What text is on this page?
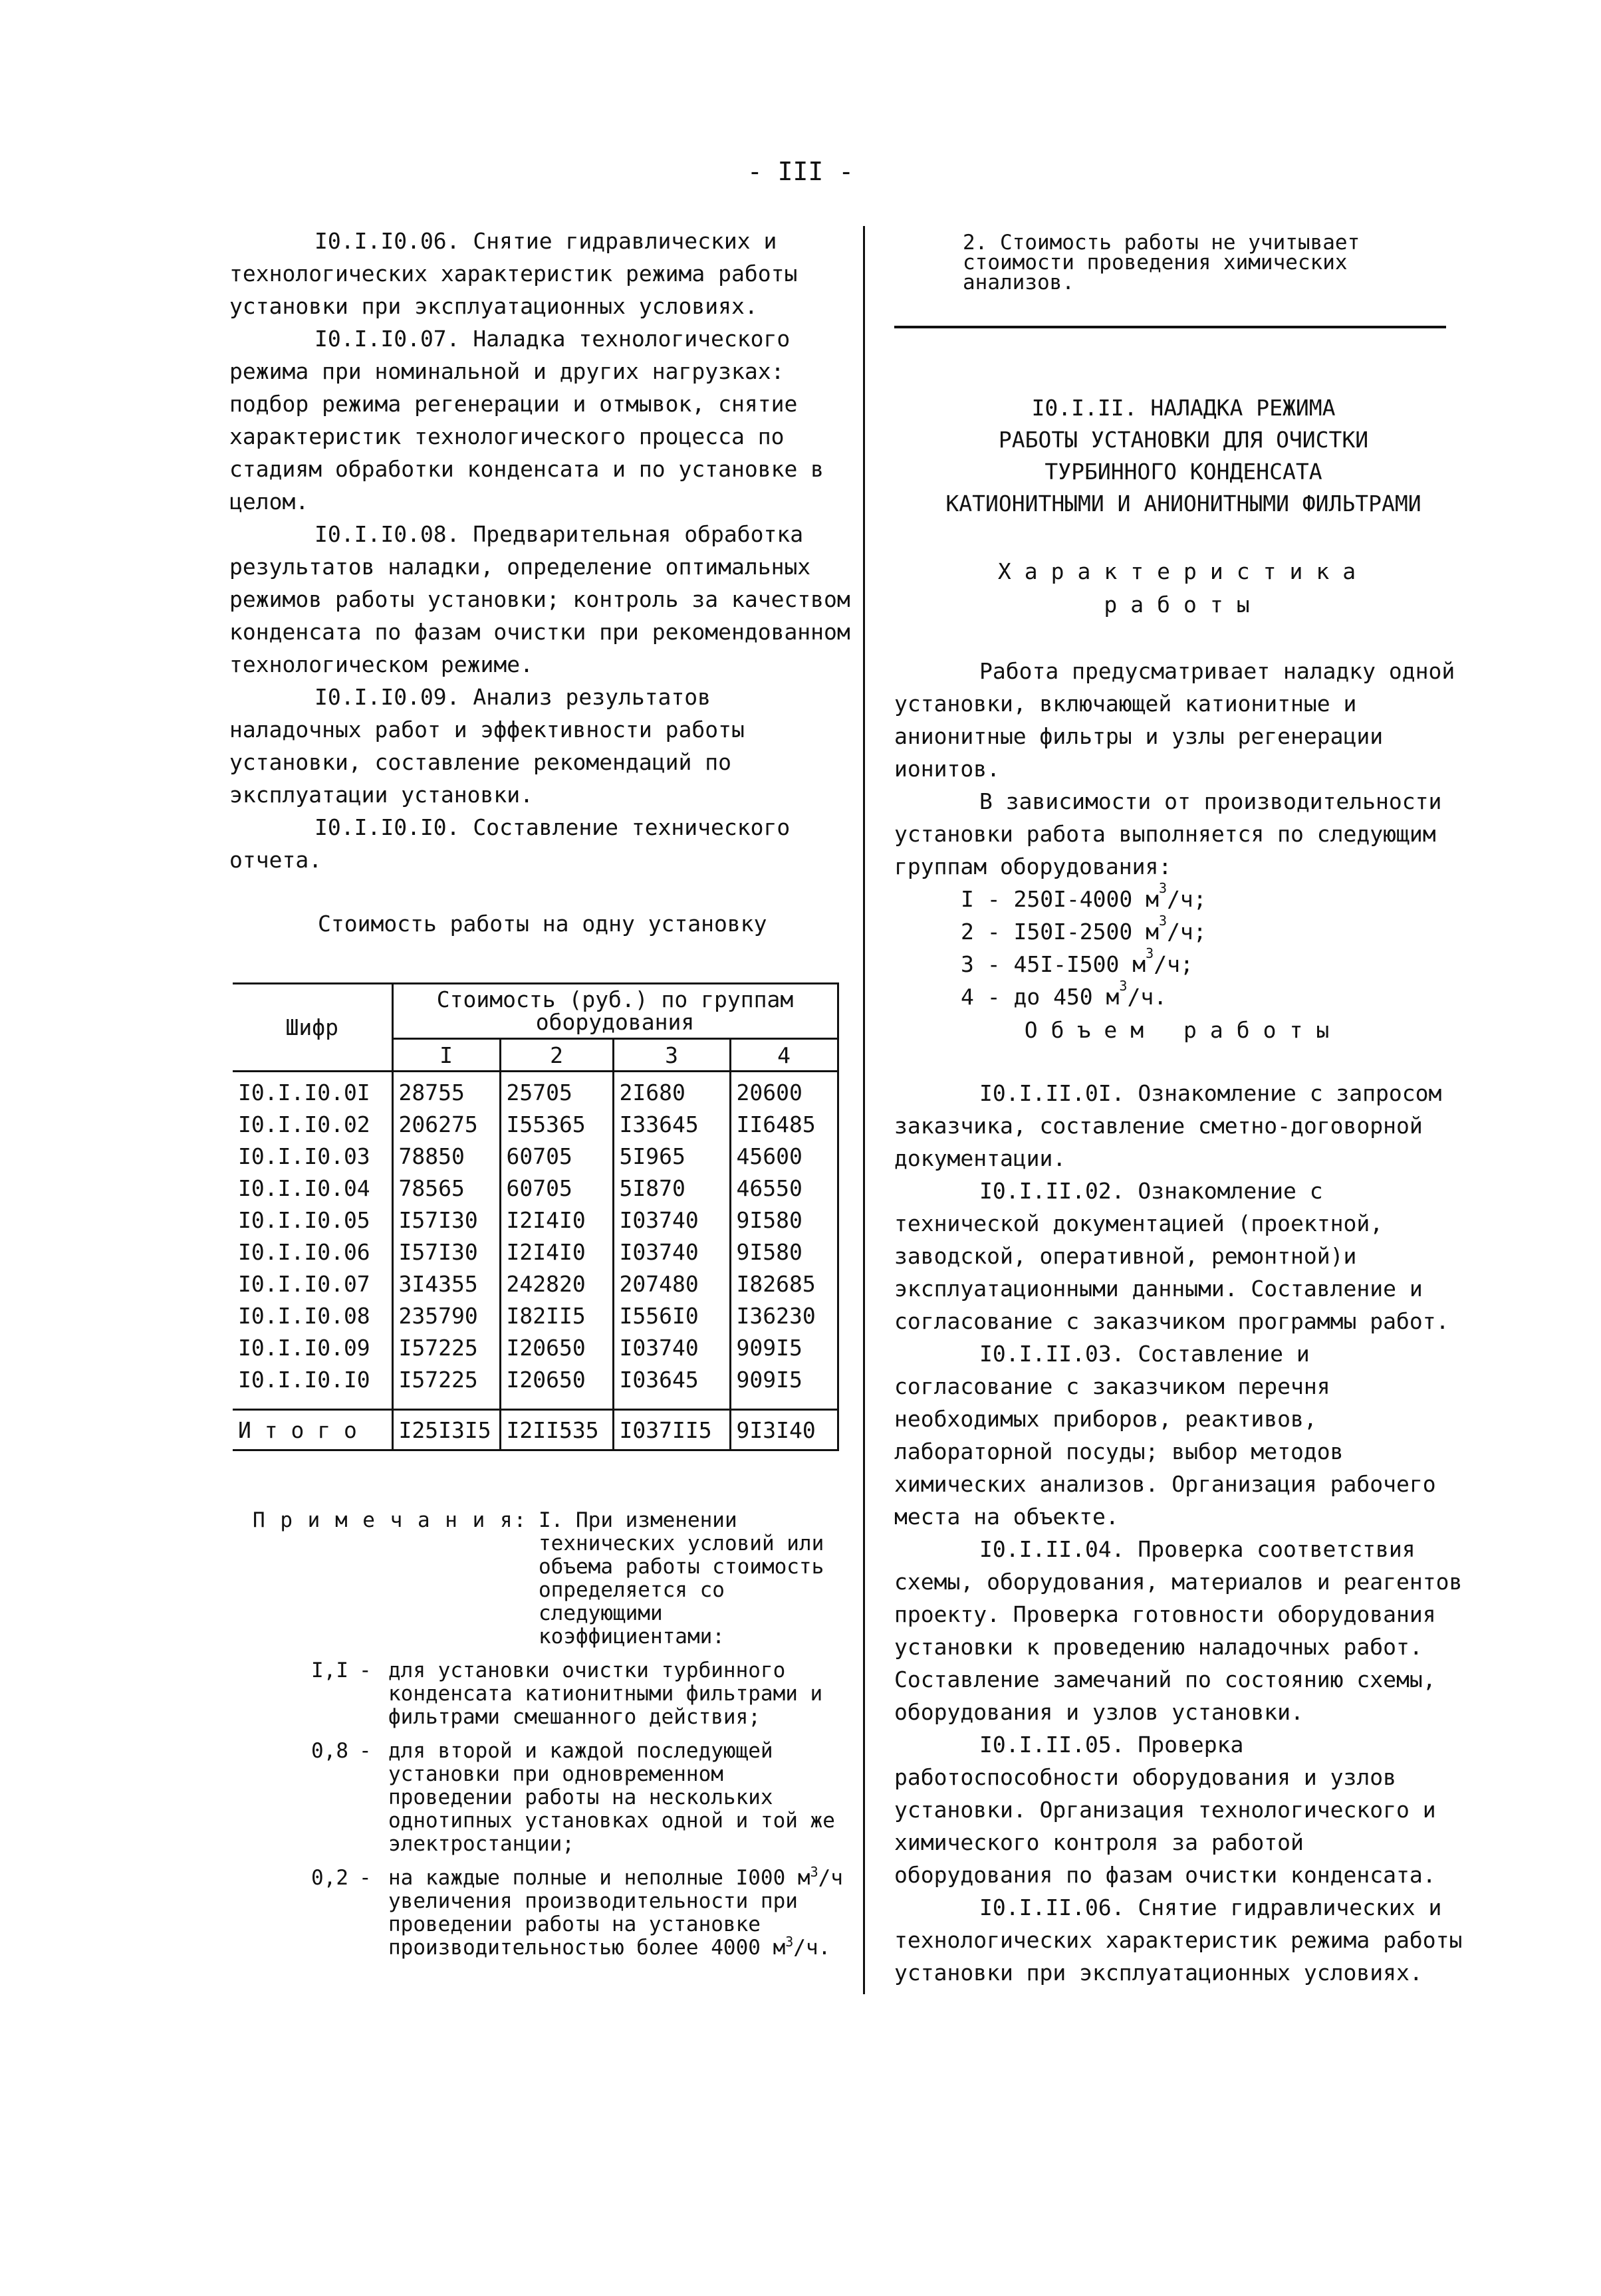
- III -

I0.I.I0.06. Снятие гидравлических и технологических характеристик режима работы установки при эксплуатационных условиях.

I0.I.I0.07. Наладка технологического режима при номинальной и других нагрузках: подбор режима регенерации и отмывок, снятие характеристик технологического процесса по стадиям обработки конденсата и по установке в целом.

I0.I.I0.08. Предварительная обработка результатов наладки, определение оптимальных режимов работы установки; контроль за качеством конденсата по фазам очистки при рекомендованном технологическом режиме.

I0.I.I0.09. Анализ результатов наладочных работ и эффективности работы установки, составление рекомендаций по эксплуатации установки.

I0.I.I0.I0. Составление технического отчета.

Стоимость работы на одну установку
Шифр	Стоимость (руб.) по группам оборудования			
	I	2	3	4
I0.I.I0.0I	28755	25705	2I680	20600
I0.I.I0.02	206275	I55365	I33645	II6485
I0.I.I0.03	78850	60705	5I965	45600
I0.I.I0.04	78565	60705	5I870	46550
I0.I.I0.05	I57I30	I2I4I0	I03740	9I580
I0.I.I0.06	I57I30	I2I4I0	I03740	9I580
I0.I.I0.07	3I4355	242820	207480	I82685
I0.I.I0.08	235790	I82II5	I556I0	I36230
I0.I.I0.09	I57225	I20650	I03740	909I5
I0.I.I0.I0	I57225	I20650	I03645	909I5

И т о г о	I25I3I5	I2II535	I037II5	9I3I40
П р и м е ч а н и я: I. При изменении технических условий или объема работы стоимость определяется со следующими коэффициентами:
I,I - для установки очистки турбинного конденсата катионитными фильтрами и фильтрами смешанного действия;
0,8 - для второй и каждой последующей установки при одновременном проведении работы на нескольких однотипных установках одной и той же электростанции;
0,2 - на каждые полные и неполные I000 $м^3/ч$ увеличения производительности при проведении работы на установке производительностью более 4000 $м^3/ч$.
2. Стоимость работы не учитывает стоимости проведения химических анализов.
I0.I.II. НАЛАДКА РЕЖИМА
РАБОТЫ УСТАНОВКИ ДЛЯ ОЧИСТКИ
ТУРБИННОГО КОНДЕНСАТА
КАТИОНИТНЫМИ И АНИОНИТНЫМИ ФИЛЬТРАМИ
Характеристика
работы

Работа предусматривает наладку одной установки, включающей катионитные и анионитные фильтры и узлы регенерации ионитов.

В зависимости от производительности установки работа выполняется по следующим группам оборудования:

I - 250I-4000 $м^3/ч$;
2 - I50I-2500 $м^3/ч$;
3 - 45I-I500 $м^3/ч$;
4 - до 450 $м^3/ч$.
Объем работы

I0.I.II.0I. Ознакомление с запросом заказчика, составление сметно-договорной документации.

I0.I.II.02. Ознакомление с технической документацией (проектной, заводской, оперативной, ремонтной)и эксплуатационными данными. Составление и согласование с заказчиком программы работ.

I0.I.II.03. Составление и согласование с заказчиком перечня необходимых приборов, реактивов, лабораторной посуды; выбор методов химических анализов. Организация рабочего места на объекте.

I0.I.II.04. Проверка соответствия схемы, оборудования, материалов и реагентов проекту. Проверка готовности оборудования установки к проведению наладочных работ. Составление замечаний по состоянию схемы, оборудования и узлов установки.

I0.I.II.05. Проверка работоспособности оборудования и узлов установки. Организация технологического и химического контроля за работой оборудования по фазам очистки конденсата.

I0.I.II.06. Снятие гидравлических и технологических характеристик режима работы установки при эксплуатационных условиях.
